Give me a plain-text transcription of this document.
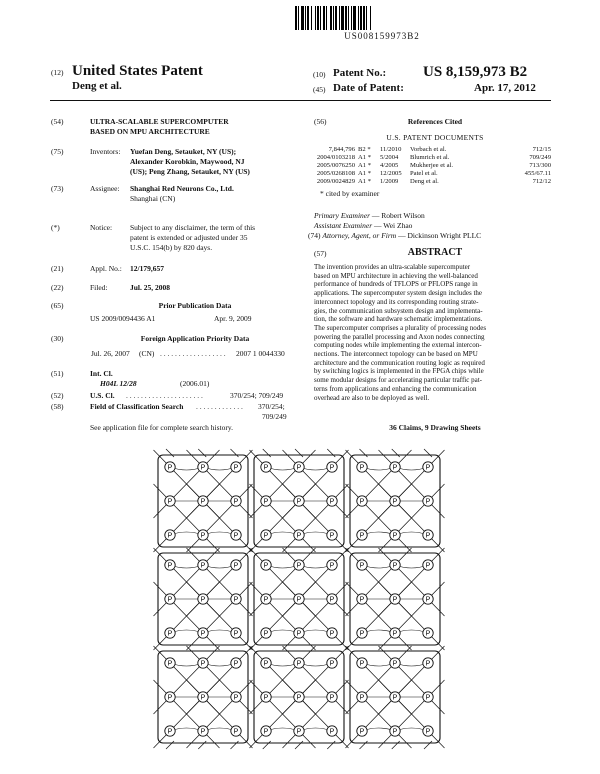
US008159973B2
(12) United States Patent
Deng et al.
(10) Patent No.: US 8,159,973 B2
(45) Date of Patent:	Apr. 17, 2012
(54)	ULTRA-SCALABLE SUPERCOMPUTER
BASED ON MPU ARCHITECTURE
(75)	Inventors: Yuefan Deng, Setauket, NY (US);
Alexander Korobkin, Maywood, NJ
(US); Peng Zhang, Setauket, NY (US)
(73)	Assignee: Shanghai Red Neurons Co., Ltd.
Shanghai (CN)
(*)	Notice: Subject to any disclaimer, the term of this
patent is extended or adjusted under 35
U.S.C. 154(b) by 820 days.
(21)	Appl. No.: 12/179,657
(22)	Filed:	Jul. 25, 2008
(65)	Prior Publication Data
US 2009/0094436 A1	Apr. 9, 2009
(30)	Foreign Application Priority Data
Jul. 26, 2007 (CN) . . . . . . . . . . . . . . . . . . 2007 1 0044330
(51)	Int. Cl.
H04L 12/28	(2006.01)
(52)	U.S. Cl. . . . . . . . . . . . . . . . . . . . . .	370/254; 709/249
(58)	Field of Classification Search . . . . . . . . . . . . . 370/254;
709/249
See application file for complete search history.
(56)	References Cited
U.S. PATENT DOCUMENTS
7,844,796 B2 *	11/2010	Vorbach et al.	712/15
2004/0103218 A1 *	5/2004	Blumrich et al.	709/249
2005/0076250 A1 *	4/2005	Mukherjee et al.	713/300
2005/0268108 A1 *	12/2005	Patel et al.	455/67.11
2009/0024829 A1 *	1/2009	Deng et al.	712/12
* cited by examiner
Primary Examiner — Robert Wilson
Assistant Examiner — Wei Zhao
(74) Attorney, Agent, or Firm — Dickinson Wright PLLC
(57)	ABSTRACT
The invention provides an ultra-scalable supercomputer
based on MPU architecture in achieving the well-balanced
performance of hundreds of TFLOPS or PFLOPS range in
applications. The supercomputer system design includes the
interconnect topology and its corresponding routing strate-
gies, the communication subsystem design and implementa-
tion, the software and hardware schematic implementations.
The supercomputer comprises a plurality of processing nodes
powering the parallel processing and Axon nodes connecting
computing nodes while implementing the external intercon-
nections. The interconnect topology can be based on MPU
architecture and the communication routing logic as required
by switching logics is implemented in the FPGA chips while
some modular designs for accelerating particular traffic pat-
terns from applications and enhancing the communication
overhead are also to be deployed as well.
36 Claims, 9 Drawing Sheets
P	P	P
P	P	P
P	P	P
P	P	P
P	P	P
P	P	P
P	P	P
P	P	P
P	P	P
P	P	P
P	P	P
P	P	P
P	P	P
P	P	P
P	P	P
P	P	P
P	P	P
P	P	P
P	P	P
P	P	P
P	P	P
P	P	P
P	P	P
P	P	P
P	P	P
P	P	P
P	P	P
